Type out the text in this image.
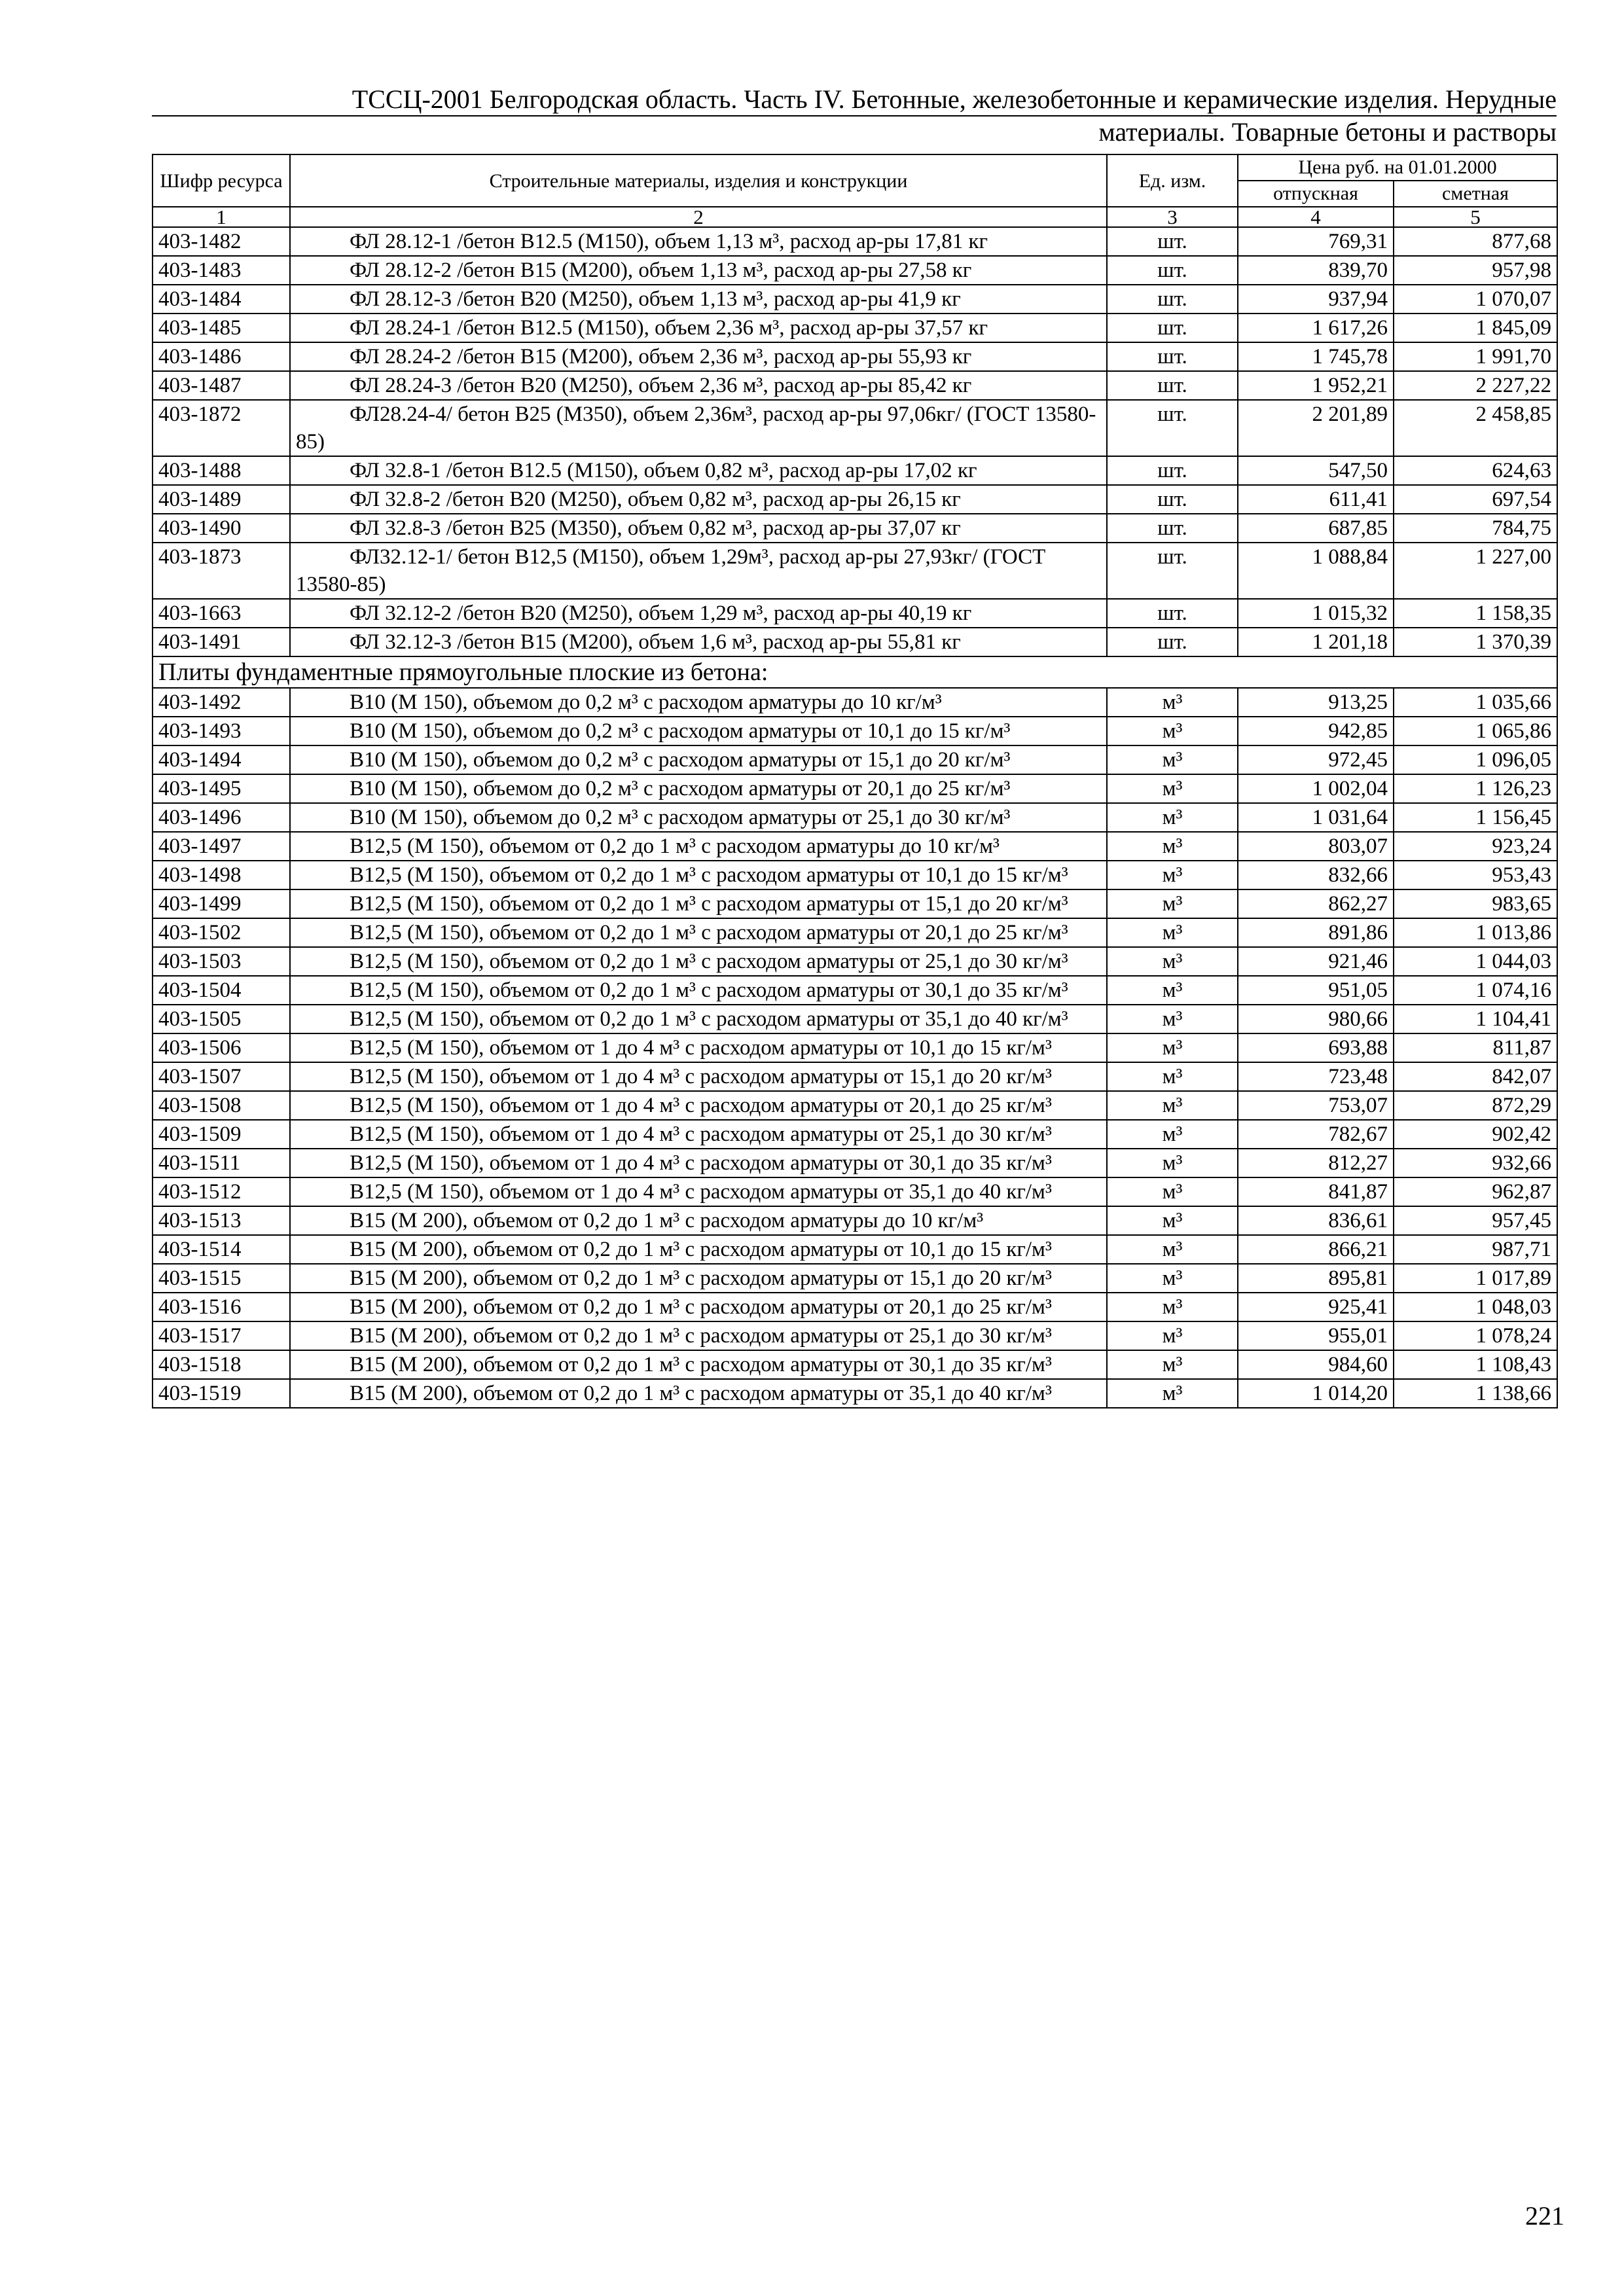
ТССЦ-2001 Белгородская область. Часть IV. Бетонные, железобетонные и керамические изделия. Нерудные
материалы. Товарные бетоны и растворы
Шифр ресурса	Строительные материалы, изделия и конструкции	Ед. изм.	Цена руб. на 01.01.2000	
			отпускная	сметная
1	2	3	4	5
403-1482	ФЛ 28.12-1 /бетон В12.5 (М150), объем 1,13 м³, расход ар-ры 17,81 кг	шт.	769,31	877,68
403-1483	ФЛ 28.12-2 /бетон В15 (М200), объем 1,13 м³, расход ар-ры 27,58 кг	шт.	839,70	957,98
403-1484	ФЛ 28.12-3 /бетон В20 (М250), объем 1,13 м³, расход ар-ры 41,9 кг	шт.	937,94	1 070,07
403-1485	ФЛ 28.24-1 /бетон В12.5 (М150), объем 2,36 м³, расход ар-ры 37,57 кг	шт.	1 617,26	1 845,09
403-1486	ФЛ 28.24-2 /бетон В15 (М200), объем 2,36 м³, расход ар-ры 55,93 кг	шт.	1 745,78	1 991,70
403-1487	ФЛ 28.24-3 /бетон В20 (М250), объем 2,36 м³, расход ар-ры 85,42 кг	шт.	1 952,21	2 227,22
403-1872	ФЛ28.24-4/ бетон В25 (М350), объем 2,36м³, расход ар-ры 97,06кг/ (ГОСТ 13580-85)	шт.	2 201,89	2 458,85
403-1488	ФЛ 32.8-1 /бетон В12.5 (М150), объем 0,82 м³, расход ар-ры 17,02 кг	шт.	547,50	624,63
403-1489	ФЛ 32.8-2 /бетон В20 (М250), объем 0,82 м³, расход ар-ры 26,15 кг	шт.	611,41	697,54
403-1490	ФЛ 32.8-3 /бетон В25 (М350), объем 0,82 м³, расход ар-ры 37,07 кг	шт.	687,85	784,75
403-1873	ФЛ32.12-1/ бетон В12,5 (М150), объем 1,29м³, расход ар-ры 27,93кг/ (ГОСТ 13580-85)	шт.	1 088,84	1 227,00
403-1663	ФЛ 32.12-2 /бетон В20 (М250), объем 1,29 м³, расход ар-ры 40,19 кг	шт.	1 015,32	1 158,35
403-1491	ФЛ 32.12-3 /бетон В15 (М200), объем 1,6 м³, расход ар-ры 55,81 кг	шт.	1 201,18	1 370,39
Плиты фундаментные прямоугольные плоские из бетона:				
403-1492	В10 (М 150), объемом до 0,2 м³ с расходом арматуры до 10 кг/м³	м³	913,25	1 035,66
403-1493	В10 (М 150), объемом до 0,2 м³ с расходом арматуры от 10,1 до 15 кг/м³	м³	942,85	1 065,86
403-1494	В10 (М 150), объемом до 0,2 м³ с расходом арматуры от 15,1 до 20 кг/м³	м³	972,45	1 096,05
403-1495	В10 (М 150), объемом до 0,2 м³ с расходом арматуры от 20,1 до 25 кг/м³	м³	1 002,04	1 126,23
403-1496	В10 (М 150), объемом до 0,2 м³ с расходом арматуры от 25,1 до 30 кг/м³	м³	1 031,64	1 156,45
403-1497	В12,5 (М 150), объемом от 0,2 до 1 м³ с расходом арматуры до 10 кг/м³	м³	803,07	923,24
403-1498	В12,5 (М 150), объемом от 0,2 до 1 м³ с расходом арматуры от 10,1 до 15 кг/м³	м³	832,66	953,43
403-1499	В12,5 (М 150), объемом от 0,2 до 1 м³ с расходом арматуры от 15,1 до 20 кг/м³	м³	862,27	983,65
403-1502	В12,5 (М 150), объемом от 0,2 до 1 м³ с расходом арматуры от 20,1 до 25 кг/м³	м³	891,86	1 013,86
403-1503	В12,5 (М 150), объемом от 0,2 до 1 м³ с расходом арматуры от 25,1 до 30 кг/м³	м³	921,46	1 044,03
403-1504	В12,5 (М 150), объемом от 0,2 до 1 м³ с расходом арматуры от 30,1 до 35 кг/м³	м³	951,05	1 074,16
403-1505	В12,5 (М 150), объемом от 0,2 до 1 м³ с расходом арматуры от 35,1 до 40 кг/м³	м³	980,66	1 104,41
403-1506	В12,5 (М 150), объемом от 1 до 4 м³ с расходом арматуры от 10,1 до 15 кг/м³	м³	693,88	811,87
403-1507	В12,5 (М 150), объемом от 1 до 4 м³ с расходом арматуры от 15,1 до 20 кг/м³	м³	723,48	842,07
403-1508	В12,5 (М 150), объемом от 1 до 4 м³ с расходом арматуры от 20,1 до 25 кг/м³	м³	753,07	872,29
403-1509	В12,5 (М 150), объемом от 1 до 4 м³ с расходом арматуры от 25,1 до 30 кг/м³	м³	782,67	902,42
403-1511	В12,5 (М 150), объемом от 1 до 4 м³ с расходом арматуры от 30,1 до 35 кг/м³	м³	812,27	932,66
403-1512	В12,5 (М 150), объемом от 1 до 4 м³ с расходом арматуры от 35,1 до 40 кг/м³	м³	841,87	962,87
403-1513	В15 (М 200), объемом от 0,2 до 1 м³ с расходом арматуры до 10 кг/м³	м³	836,61	957,45
403-1514	В15 (М 200), объемом от 0,2 до 1 м³ с расходом арматуры от 10,1 до 15 кг/м³	м³	866,21	987,71
403-1515	В15 (М 200), объемом от 0,2 до 1 м³ с расходом арматуры от 15,1 до 20 кг/м³	м³	895,81	1 017,89
403-1516	В15 (М 200), объемом от 0,2 до 1 м³ с расходом арматуры от 20,1 до 25 кг/м³	м³	925,41	1 048,03
403-1517	В15 (М 200), объемом от 0,2 до 1 м³ с расходом арматуры от 25,1 до 30 кг/м³	м³	955,01	1 078,24
403-1518	В15 (М 200), объемом от 0,2 до 1 м³ с расходом арматуры от 30,1 до 35 кг/м³	м³	984,60	1 108,43
403-1519	В15 (М 200), объемом от 0,2 до 1 м³ с расходом арматуры от 35,1 до 40 кг/м³	м³	1 014,20	1 138,66
221
